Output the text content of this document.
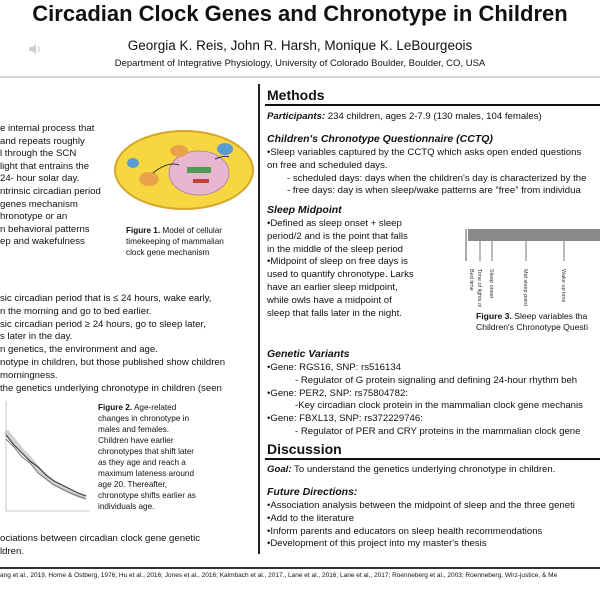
Circadian Clock Genes and Chronotype in Children
Georgia K. Reis, John R. Harsh, Monique K. LeBourgeois
Department of Integrative Physiology, University of Colorado Boulder, Boulder, CO, USA
e internal process that
and repeats roughly
l through the SCN
light that entrains the
24- hour solar day.
ntrinsic circadian period
genes mechanism
hronotype or an
n behavioral patterns
ep and wakefulness
Figure 1. Model of cellular
timekeeping of mammalian
clock gene mechanism
sic circadian period that is ≤ 24 hours, wake early,
n the morning and go to bed earlier.
sic circadian period ≥ 24 hours, go to sleep later,
s later in the day.
n genetics, the environment and age.
notype in children, but those published show children
morningness.
the genetics underlying chronotype in children (seen
Figure 2. Age-related
changes in chronotype in
males and females.
Children have earlier
chronotypes that shift later
as they age and reach a
maximum lateness around
age 20. Thereafter,
chronotype shifts earlier as
individuals age.
ociations between circadian clock gene genetic
ldren.
Methods
Participants: 234 children, ages 2-7.9 (130 males, 104 females)
Children's Chronotype Questionnaire (CCTQ)
•Sleep variables captured by the CCTQ which asks open ended questions
on free and scheduled days.
- scheduled days: days when the children's day is characterized by the
- free days: day is when sleep/wake patterns are “free” from individua
Sleep Midpoint
•Defined as sleep onset + sleep
period/2 and is the point that falls
in the middle of the sleep period
•Midpoint of sleep on free days is
used to quantify chronotype. Larks
have an earlier sleep midpoint,
while owls have a midpoint of
sleep that falls later in the night.
Bed time Time of lights off Sleep onset	Mid sleep point	Wake up time
Figure 3. Sleep variables tha
Children's Chronotype Questi
Genetic Variants
•Gene: RGS16, SNP: rs516134
- Regulator of G protein signaling and defining 24-hour rhythm beh
•Gene: PER2, SNP: rs75804782:
-Key circadian clock protein in the mammalian clock gene mechanis
•Gene: FBXL13, SNP: rs372229746:
- Regulator of PER and CRY proteins in the mammalian clock gene
Discussion
Goal: To understand the genetics underlying chronotype in children.
Future Directions:
•Association analysis between the midpoint of sleep and the three geneti
•Add to the literature
•Inform parents and educators on sleep health recommendations
•Development of this project into my master's thesis
ang et al., 2019, Horne & Östberg, 1976; Hu et al., 2016; Jones et al., 2016; Kalmbach et al., 2017., Lane et al., 2016; Lane et al., 2017; Roenneberg et al., 2003; Roenneberg, Wirz-justice, & Me
